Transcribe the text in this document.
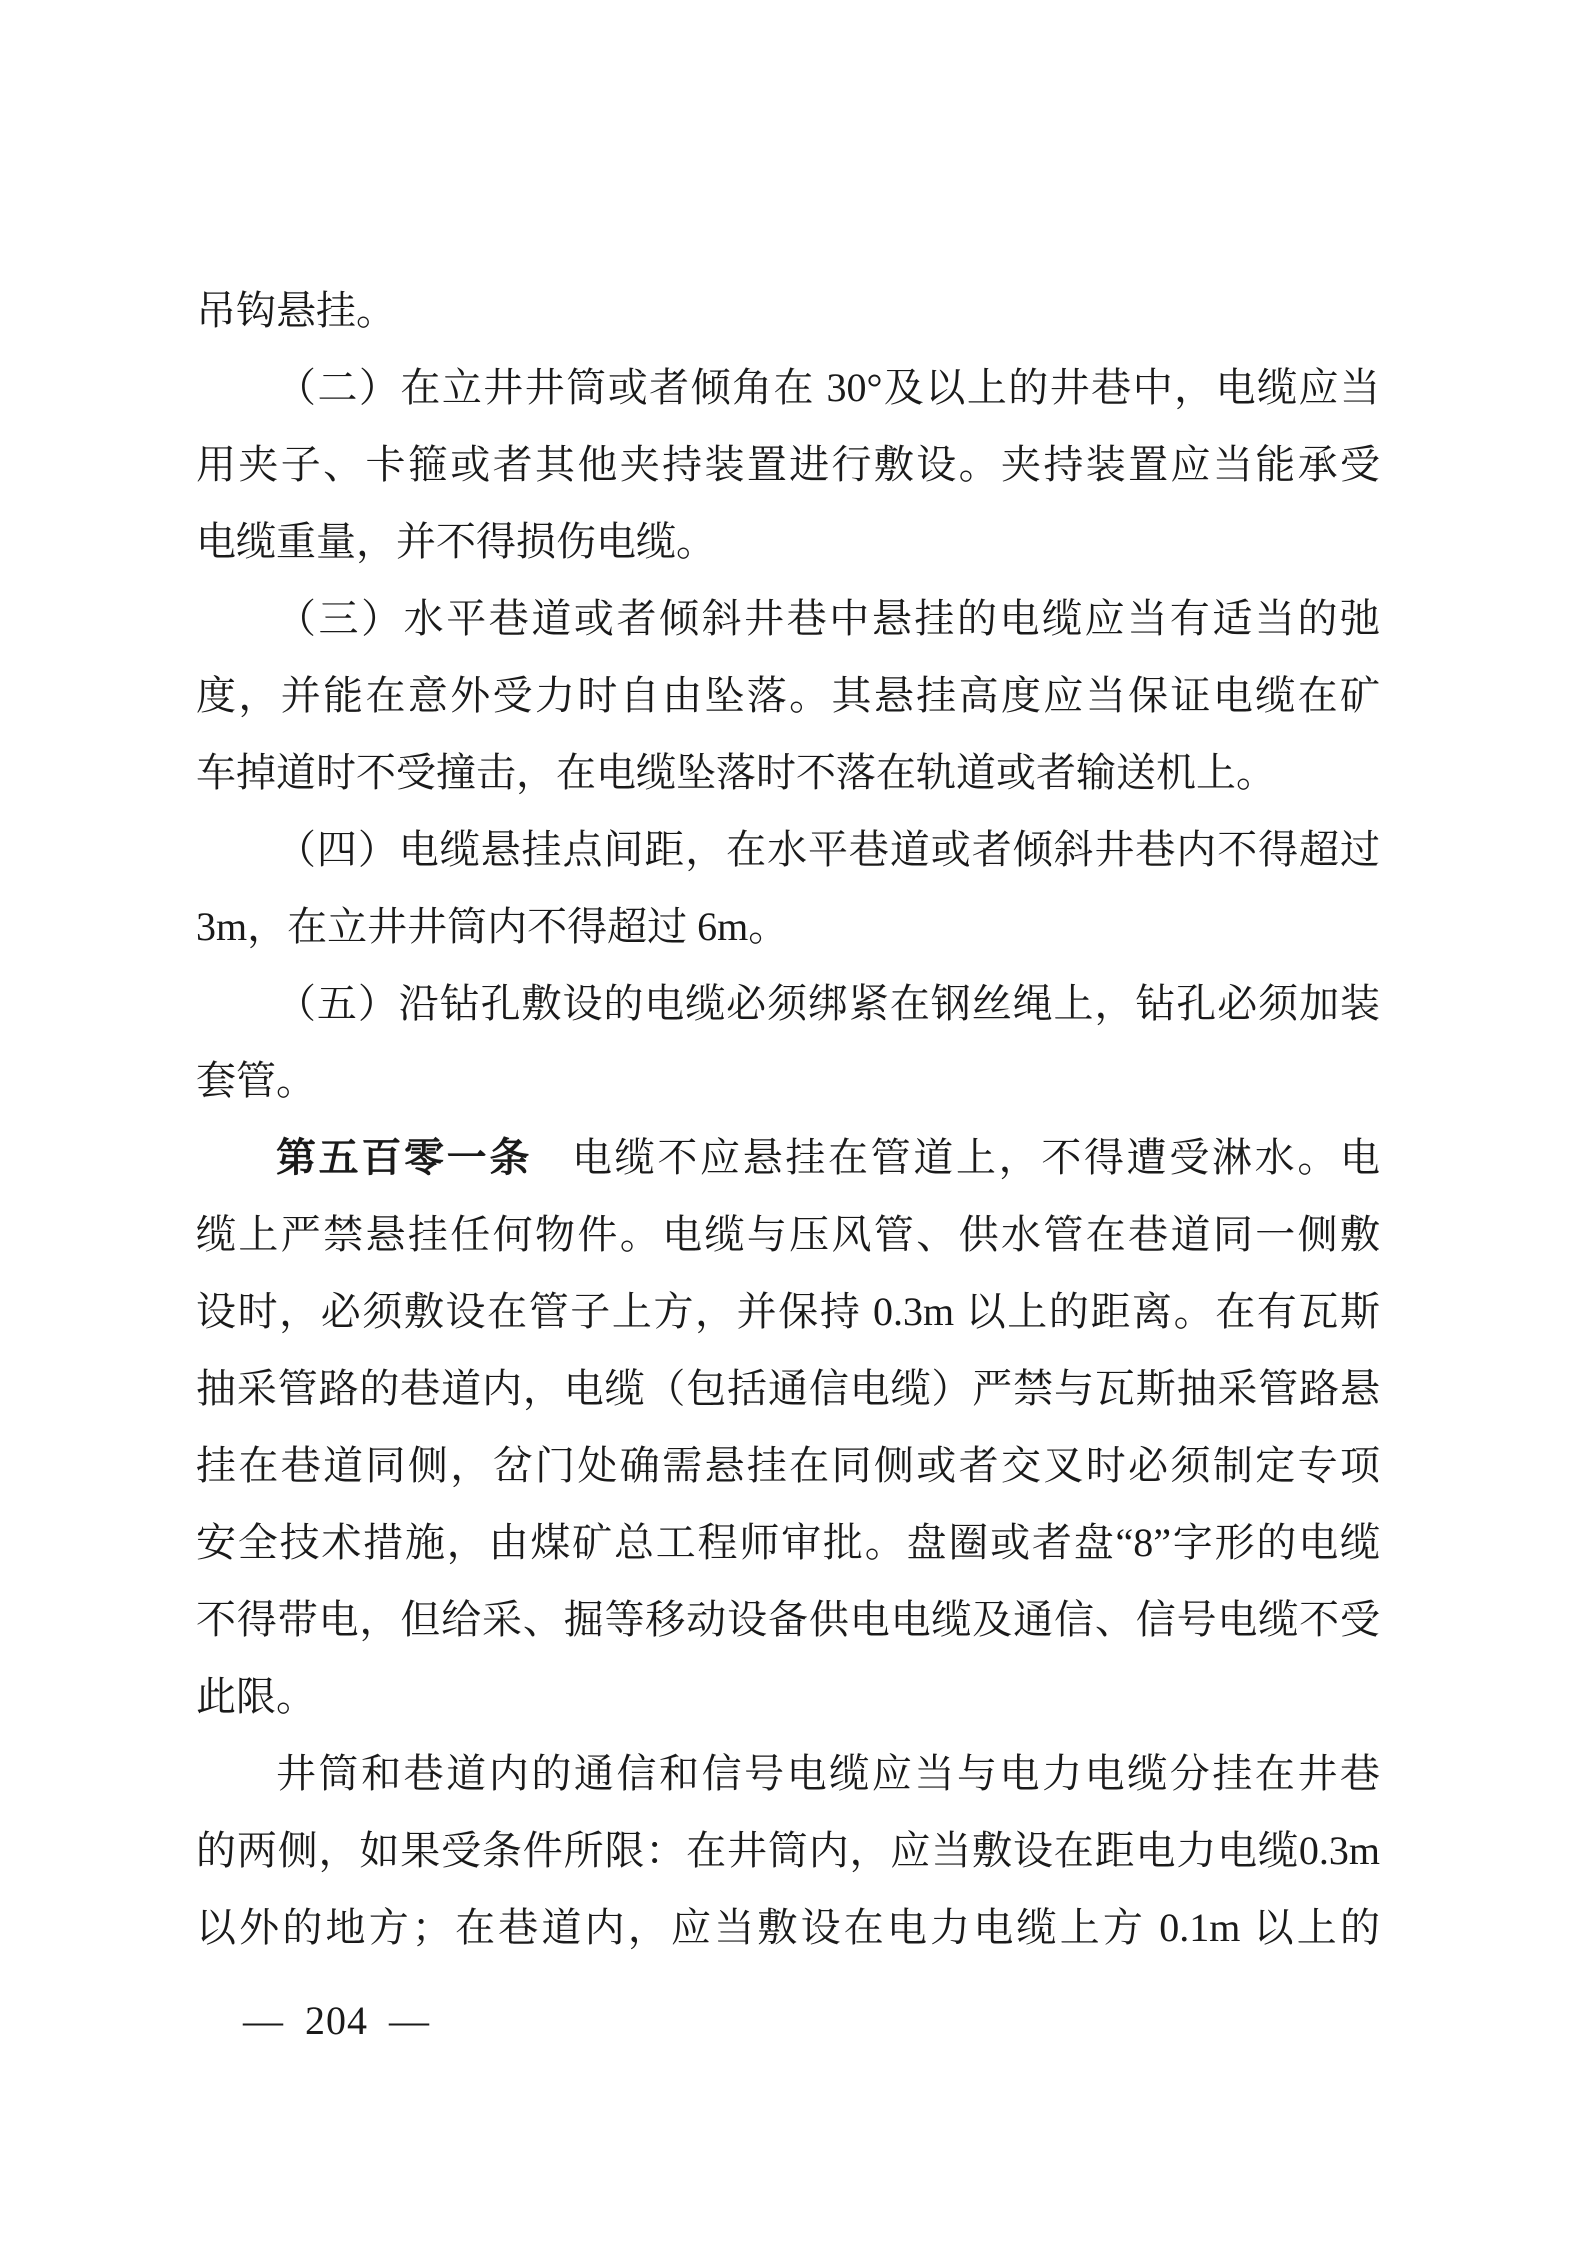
吊钩悬挂。

（二）在立井井筒或者倾角在 30°及以上的井巷中，电缆应当

用夹子、卡箍或者其他夹持装置进行敷设。夹持装置应当能承受

电缆重量，并不得损伤电缆。

（三）水平巷道或者倾斜井巷中悬挂的电缆应当有适当的弛

度，并能在意外受力时自由坠落。其悬挂高度应当保证电缆在矿

车掉道时不受撞击，在电缆坠落时不落在轨道或者输送机上。

（四）电缆悬挂点间距，在水平巷道或者倾斜井巷内不得超过

3m，在立井井筒内不得超过 6m。

（五）沿钻孔敷设的电缆必须绑紧在钢丝绳上，钻孔必须加装

套管。

第五百零一条 电缆不应悬挂在管道上，不得遭受淋水。电

缆上严禁悬挂任何物件。电缆与压风管、供水管在巷道同一侧敷

设时，必须敷设在管子上方，并保持 0.3m 以上的距离。在有瓦斯

抽采管路的巷道内，电缆（包括通信电缆）严禁与瓦斯抽采管路悬

挂在巷道同侧，岔门处确需悬挂在同侧或者交叉时必须制定专项

安全技术措施，由煤矿总工程师审批。盘圈或者盘“8”字形的电缆

不得带电，但给采、掘等移动设备供电电缆及通信、信号电缆不受

此限。

井筒和巷道内的通信和信号电缆应当与电力电缆分挂在井巷

的两侧，如果受条件所限：在井筒内，应当敷设在距电力电缆0.3m

以外的地方；在巷道内，应当敷设在电力电缆上方 0.1m 以上的

— 204 —
